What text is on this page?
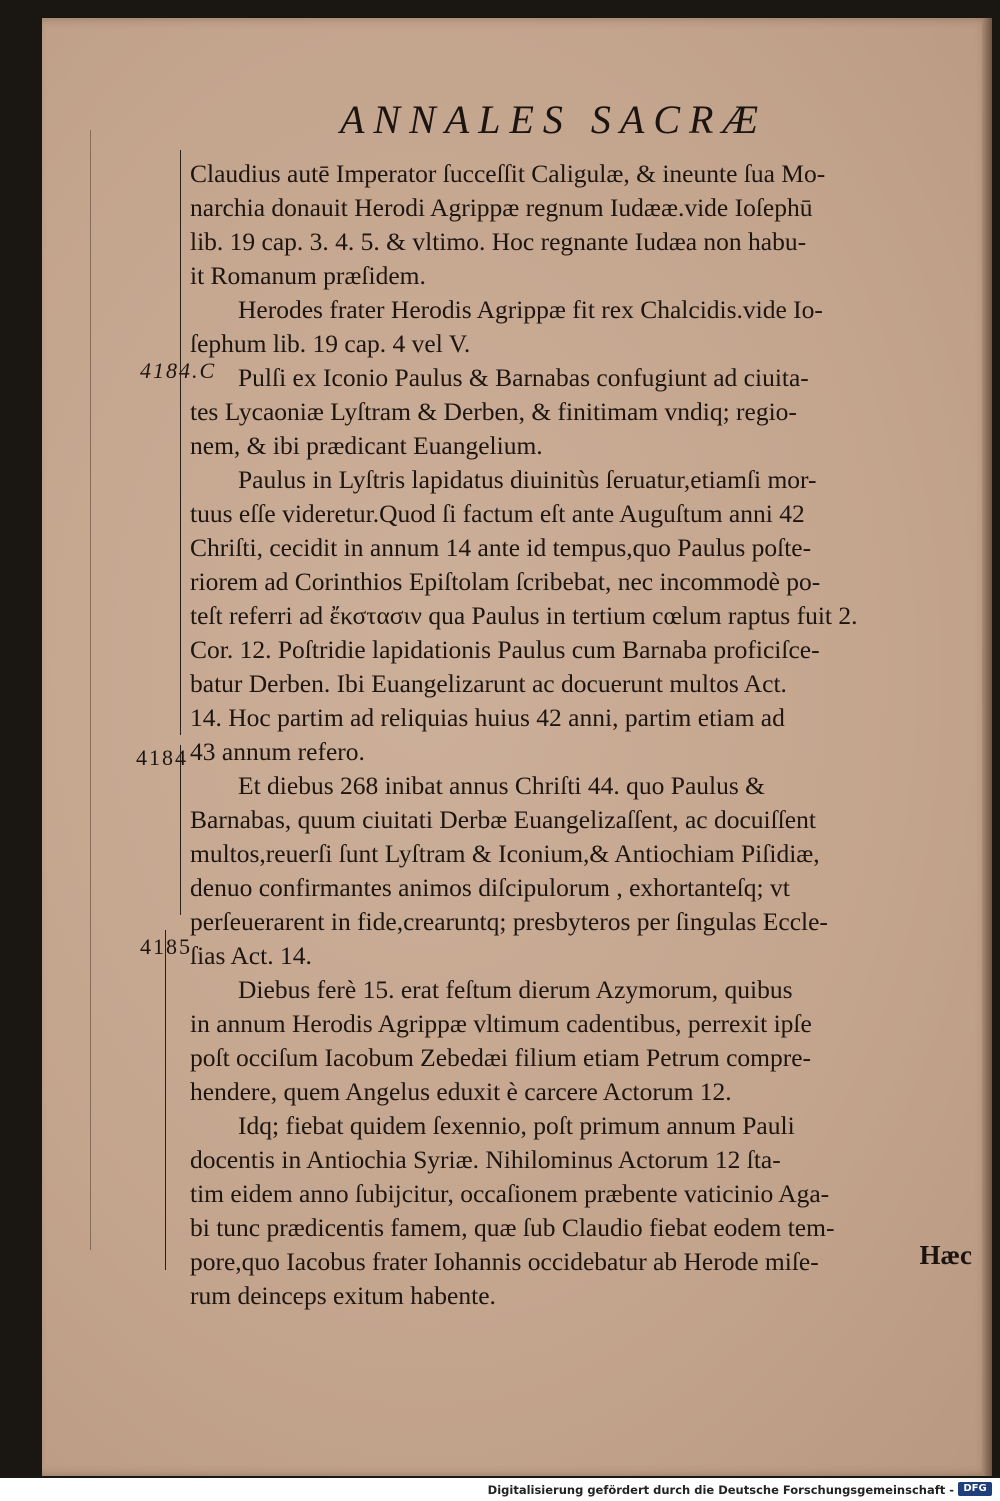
ANNALES SACRÆ
4184.C
4184
4185
Claudius autē Imperator ſucceſſit Caligulæ, & ineunte ſua Mo-
narchia donauit Herodi Agrippæ regnum Iudææ.vide Ioſephū
lib. 19 cap. 3. 4. 5. & vltimo. Hoc regnante Iudæa non habu-
it Romanum præſidem.
Herodes frater Herodis Agrippæ fit rex Chalcidis.vide Io-
ſephum lib. 19 cap. 4 vel V.
Pulſi ex Iconio Paulus & Barnabas confugiunt ad ciuita-
tes Lycaoniæ Lyſtram & Derben, & finitimam vndiq; regio-
nem, & ibi prædicant Euangelium.
Paulus in Lyſtris lapidatus diuinitùs ſeruatur,etiamſi mor-
tuus eſſe videretur.Quod ſi factum eſt ante Auguſtum anni 42
Chriſti, cecidit in annum 14 ante id tempus,quo Paulus poſte-
riorem ad Corinthios Epiſtolam ſcribebat, nec incommodè po-
teſt referri ad ἔκστασιν qua Paulus in tertium cœlum raptus fuit 2.
Cor. 12. Poſtridie lapidationis Paulus cum Barnaba proficiſce-
batur Derben. Ibi Euangelizarunt ac docuerunt multos Act.
14. Hoc partim ad reliquias huius 42 anni, partim etiam ad
43 annum refero.
Et diebus 268 inibat annus Chriſti 44. quo Paulus &
Barnabas, quum ciuitati Derbæ Euangelizaſſent, ac docuiſſent
multos,reuerſi ſunt Lyſtram & Iconium,& Antiochiam Piſidiæ,
denuo confirmantes animos diſcipulorum , exhortanteſq; vt
perſeuerarent in fide,crearuntq; presbyteros per ſingulas Eccle-
ſias Act. 14.
Diebus ferè 15. erat feſtum dierum Azymorum, quibus
in annum Herodis Agrippæ vltimum cadentibus, perrexit ipſe
poſt occiſum Iacobum Zebedæi filium etiam Petrum compre-
hendere, quem Angelus eduxit è carcere Actorum 12.
Idq; fiebat quidem ſexennio, poſt primum annum Pauli
docentis in Antiochia Syriæ. Nihilominus Actorum 12 ſta-
tim eidem anno ſubijcitur, occaſionem præbente vaticinio Aga-
bi tunc prædicentis famem, quæ ſub Claudio fiebat eodem tem-
pore,quo Iacobus frater Iohannis occidebatur ab Herode miſe-
rum deinceps exitum habente.
Hæc
Digitalisierung gefördert durch die Deutsche Forschungsgemeinschaft - DFG
